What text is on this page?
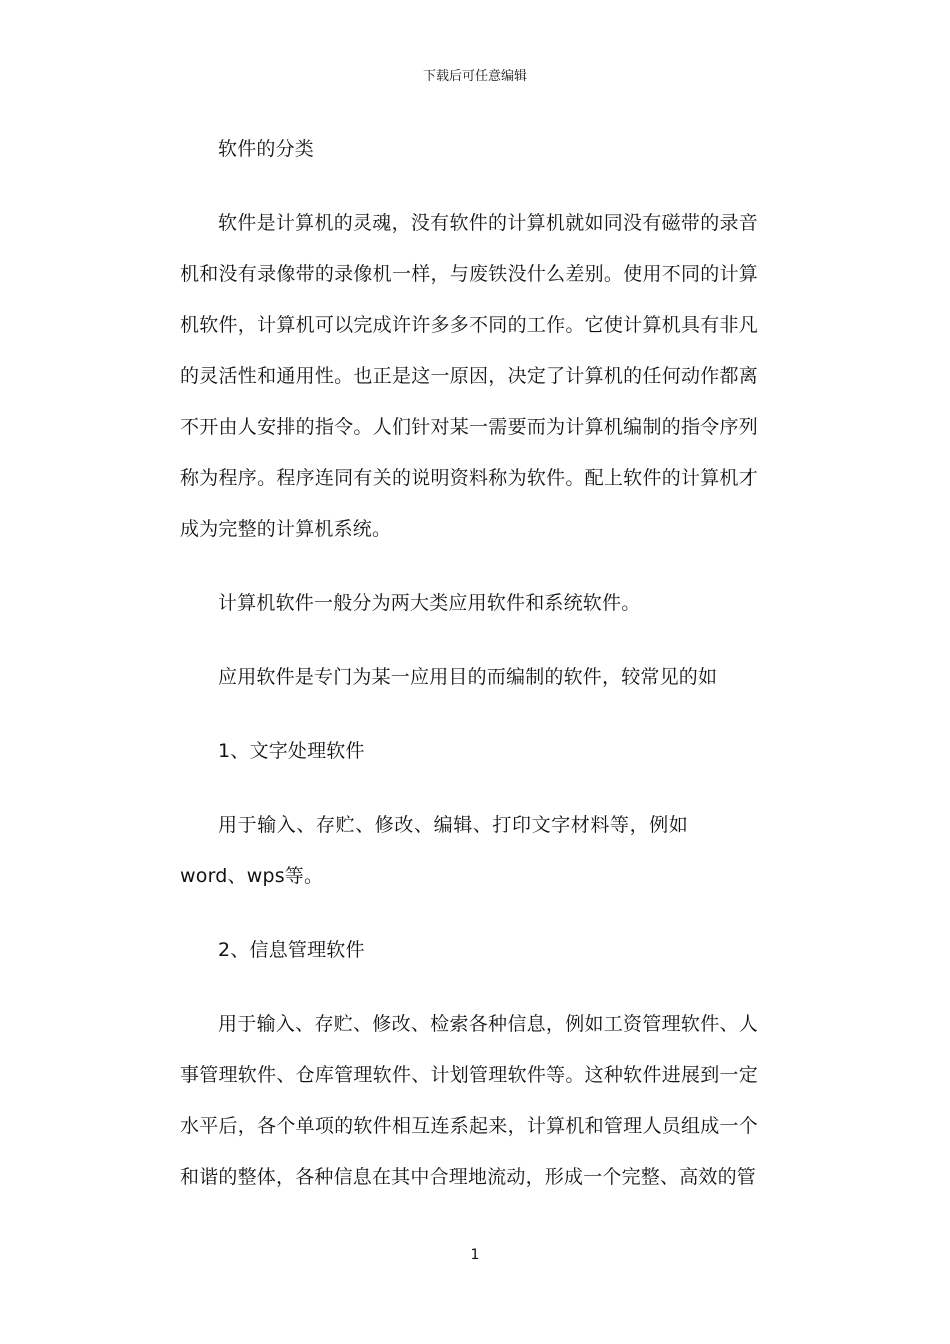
下载后可任意编辑

软件的分类

软件是计算机的灵魂，没有软件的计算机就如同没有磁带的录音机和没有录像带的录像机一样，与废铁没什么差别。使用不同的计算机软件，计算机可以完成许许多多不同的工作。它使计算机具有非凡的灵活性和通用性。也正是这一原因，决定了计算机的任何动作都离不开由人安排的指令。人们针对某一需要而为计算机编制的指令序列称为程序。程序连同有关的说明资料称为软件。配上软件的计算机才成为完整的计算机系统。

计算机软件一般分为两大类应用软件和系统软件。

应用软件是专门为某一应用目的而编制的软件，较常见的如

1、文字处理软件

用于输入、存贮、修改、编辑、打印文字材料等，例如word、wps等。

2、信息管理软件

用于输入、存贮、修改、检索各种信息，例如工资管理软件、人事管理软件、仓库管理软件、计划管理软件等。这种软件进展到一定水平后，各个单项的软件相互连系起来，计算机和管理人员组成一个和谐的整体，各种信息在其中合理地流动，形成一个完整、高效的管

1
